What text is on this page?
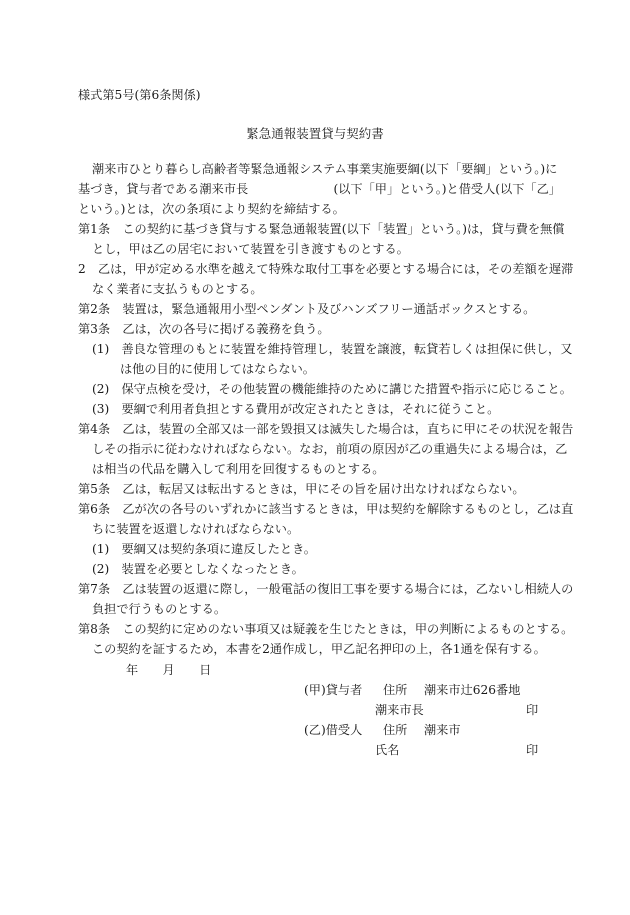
様式第5号(第6条関係)
緊急通報装置貸与契約書
潮来市ひとり暮らし高齢者等緊急通報システム事業実施要綱(以下「要綱」という。)に
基づき，貸与者である潮来市長　　　　　　　(以下「甲」という。)と借受人(以下「乙」
という。)とは，次の条項により契約を締結する。
第1条　この契約に基づき貸与する緊急通報装置(以下「装置」という。)は，貸与費を無償
とし，甲は乙の居宅において装置を引き渡すものとする。
2　乙は，甲が定める水準を越えて特殊な取付工事を必要とする場合には，その差額を遅滞
なく業者に支払うものとする。
第2条　装置は，緊急通報用小型ペンダント及びハンズフリー通話ボックスとする。
第3条　乙は，次の各号に掲げる義務を負う。
(1)　善良な管理のもとに装置を維持管理し，装置を譲渡，転貸若しくは担保に供し，又
は他の目的に使用してはならない。
(2)　保守点検を受け，その他装置の機能維持のために講じた措置や指示に応じること。
(3)　要綱で利用者負担とする費用が改定されたときは，それに従うこと。
第4条　乙は，装置の全部又は一部を毀損又は滅失した場合は，直ちに甲にその状況を報告
しその指示に従わなければならない。なお，前項の原因が乙の重過失による場合は，乙
は相当の代品を購入して利用を回復するものとする。
第5条　乙は，転居又は転出するときは，甲にその旨を届け出なければならない。
第6条　乙が次の各号のいずれかに該当するときは，甲は契約を解除するものとし，乙は直
ちに装置を返還しなければならない。
(1)　要綱又は契約条項に違反したとき。
(2)　装置を必要としなくなったとき。
第7条　乙は装置の返還に際し，一般電話の復旧工事を要する場合には，乙ないし相続人の
負担で行うものとする。
第8条　この契約に定めのない事項又は疑義を生じたときは，甲の判断によるものとする。
この契約を証するため，本書を2通作成し，甲乙記名押印の上，各1通を保有する。
年　　月　　日
(甲)貸与者 住所 潮来市辻626番地
潮来市長	印
(乙)借受人 住所 潮来市
氏名	印
